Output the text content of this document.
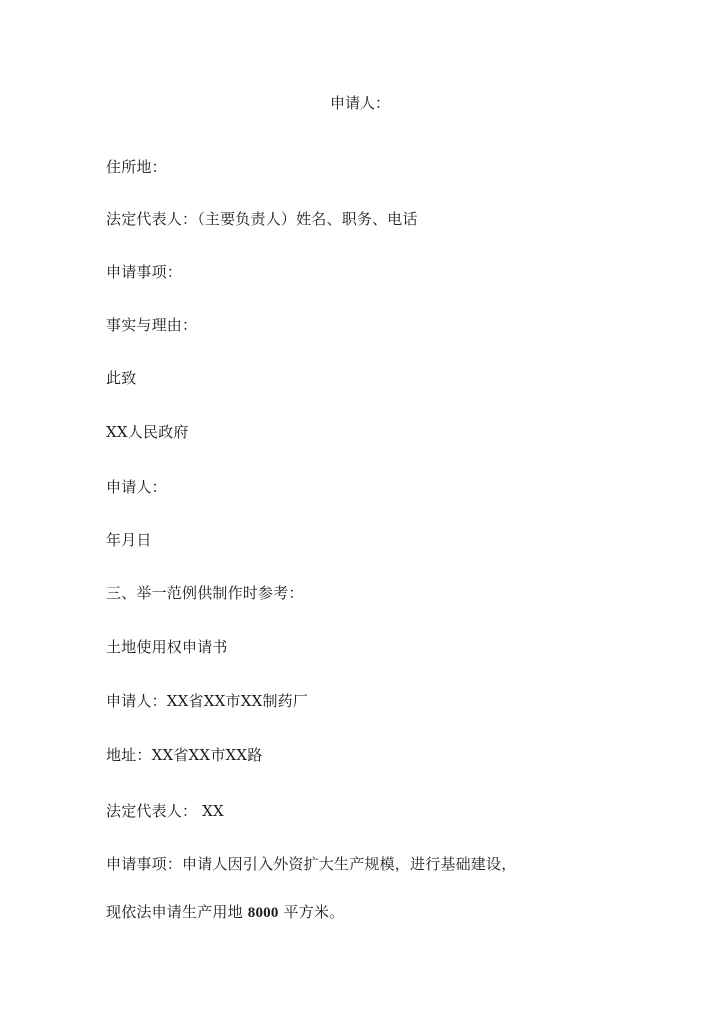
申请人：
住所地：
法定代表人：（主要负责人）姓名、职务、电话
申请事项：
事实与理由：
此致
XX人民政府
申请人：
年月日
三、举一范例供制作时参考：
土地使用权申请书
申请人：XX省XX市XX制药厂
地址：XX省XX市XX路
法定代表人： XX
申请事项：申请人因引入外资扩大生产规模，进行基础建设，
现依法申请生产用地 8000 平方米。
